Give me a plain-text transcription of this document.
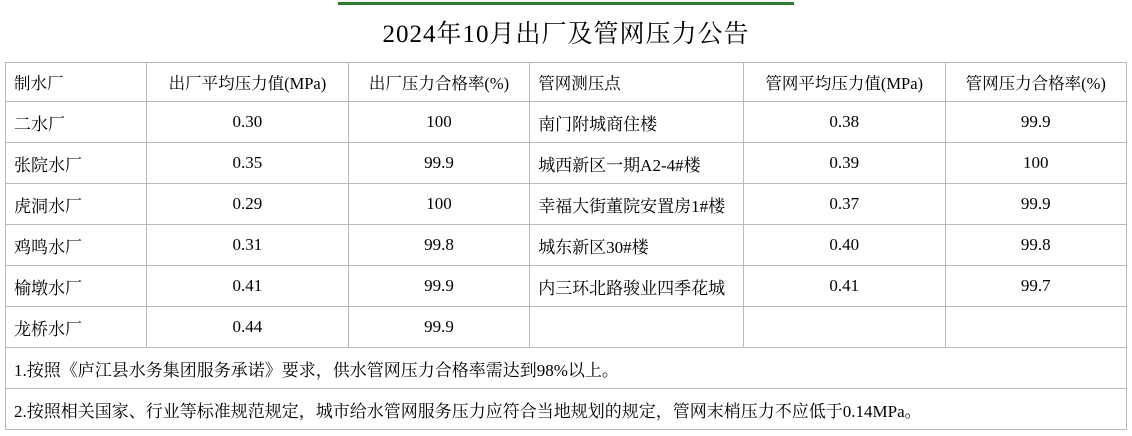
2024年10月出厂及管网压力公告
制水厂	出厂平均压力值(MPa)	出厂压力合格率(%)	管网测压点	管网平均压力值(MPa)	管网压力合格率(%)
二水厂	0.30	100	南门附城商住楼	0.38	99.9
张院水厂	0.35	99.9	城西新区一期A2-4#楼	0.39	100
虎洞水厂	0.29	100	幸福大街董院安置房1#楼	0.37	99.9
鸡鸣水厂	0.31	99.8	城东新区30#楼	0.40	99.8
榆墩水厂	0.41	99.9	内三环北路骏业四季花城	0.41	99.7
龙桥水厂	0.44	99.9			
1.按照《庐江县水务集团服务承诺》要求，供水管网压力合格率需达到98%以上。					
2.按照相关国家、行业等标准规范规定，城市给水管网服务压力应符合当地规划的规定，管网末梢压力不应低于0.14MPa。					
